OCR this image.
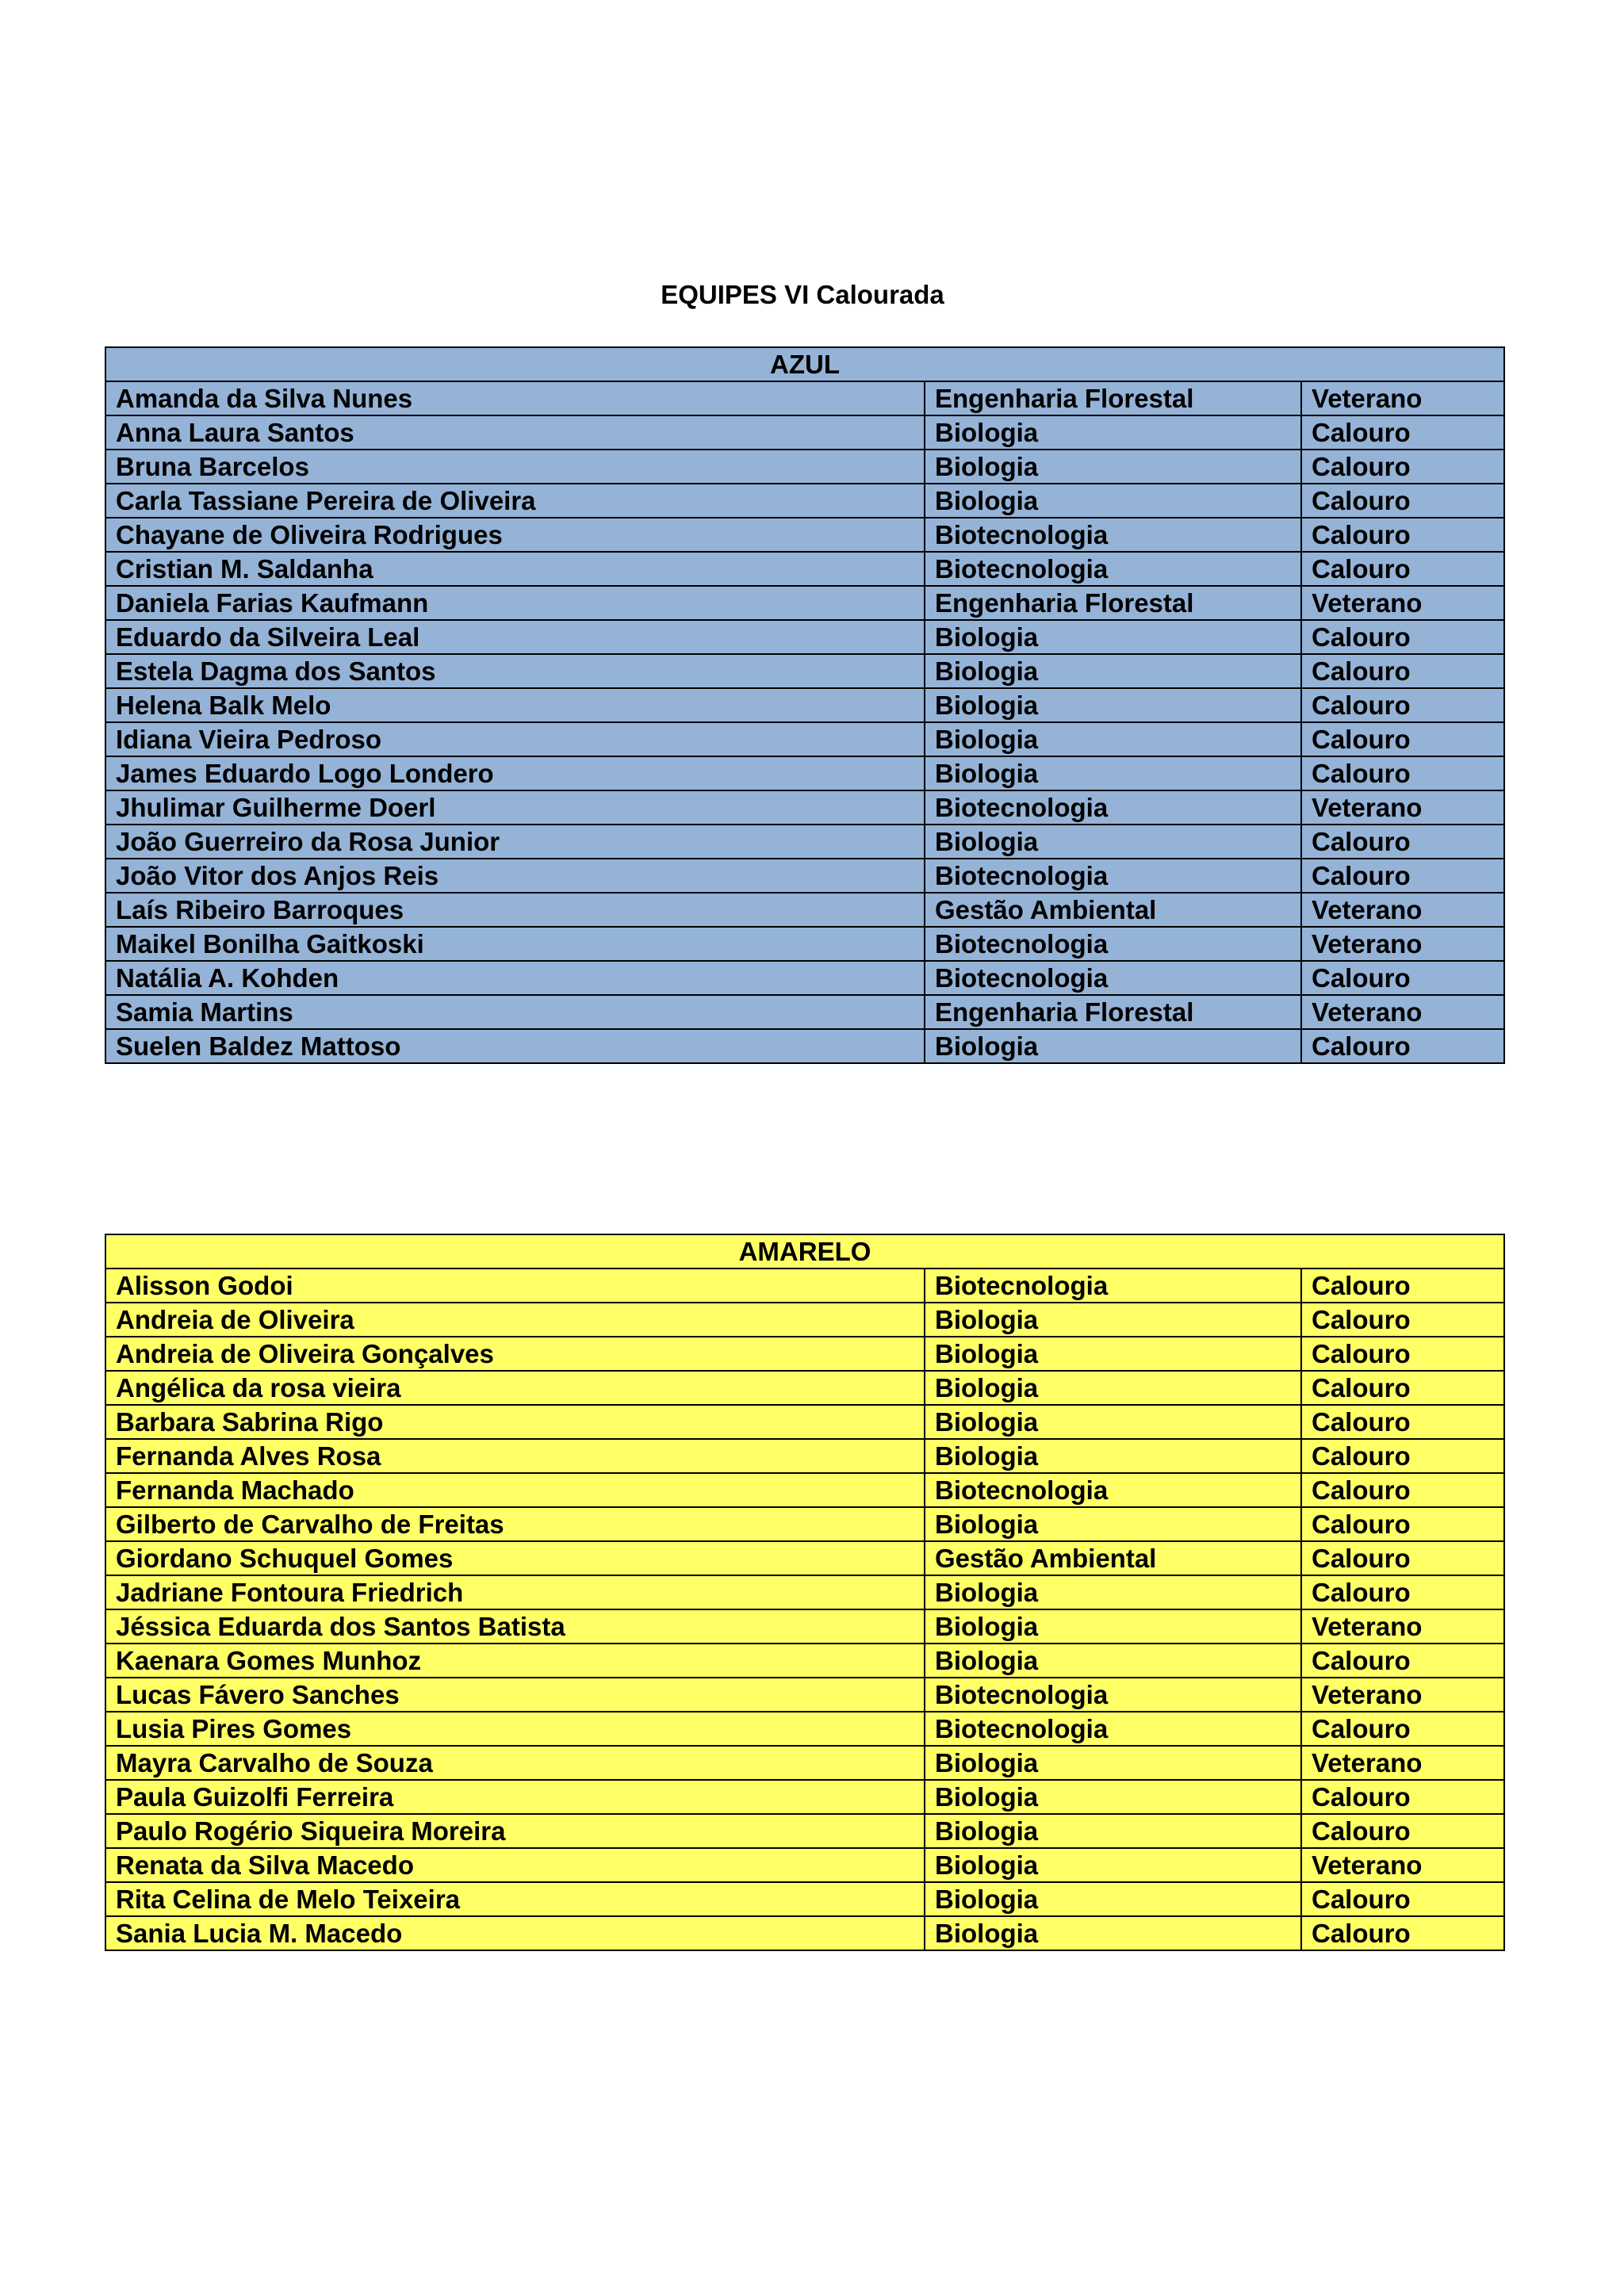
EQUIPES VI Calourada
AZUL		
Amanda da Silva Nunes	Engenharia Florestal	Veterano
Anna Laura Santos	Biologia	Calouro
Bruna Barcelos	Biologia	Calouro
Carla Tassiane Pereira de Oliveira	Biologia	Calouro
Chayane de Oliveira Rodrigues	Biotecnologia	Calouro
Cristian M. Saldanha	Biotecnologia	Calouro
Daniela Farias Kaufmann	Engenharia Florestal	Veterano
Eduardo da Silveira Leal	Biologia	Calouro
Estela Dagma dos Santos	Biologia	Calouro
Helena Balk Melo	Biologia	Calouro
Idiana Vieira Pedroso	Biologia	Calouro
James Eduardo Logo Londero	Biologia	Calouro
Jhulimar Guilherme Doerl	Biotecnologia	Veterano
João Guerreiro da Rosa Junior	Biologia	Calouro
João Vitor dos Anjos Reis	Biotecnologia	Calouro
Laís Ribeiro Barroques	Gestão Ambiental	Veterano
Maikel Bonilha Gaitkoski	Biotecnologia	Veterano
Natália A. Kohden	Biotecnologia	Calouro
Samia Martins	Engenharia Florestal	Veterano
Suelen Baldez Mattoso	Biologia	Calouro
AMARELO		
Alisson Godoi	Biotecnologia	Calouro
Andreia de Oliveira	Biologia	Calouro
Andreia de Oliveira Gonçalves	Biologia	Calouro
Angélica da rosa vieira	Biologia	Calouro
Barbara Sabrina Rigo	Biologia	Calouro
Fernanda Alves Rosa	Biologia	Calouro
Fernanda Machado	Biotecnologia	Calouro
Gilberto de Carvalho de Freitas	Biologia	Calouro
Giordano Schuquel Gomes	Gestão Ambiental	Calouro
Jadriane Fontoura Friedrich	Biologia	Calouro
Jéssica Eduarda dos Santos Batista	Biologia	Veterano
Kaenara Gomes Munhoz	Biologia	Calouro
Lucas Fávero Sanches	Biotecnologia	Veterano
Lusia Pires Gomes	Biotecnologia	Calouro
Mayra Carvalho de Souza	Biologia	Veterano
Paula Guizolfi Ferreira	Biologia	Calouro
Paulo Rogério Siqueira Moreira	Biologia	Calouro
Renata da Silva Macedo	Biologia	Veterano
Rita Celina de Melo Teixeira	Biologia	Calouro
Sania Lucia M. Macedo	Biologia	Calouro
